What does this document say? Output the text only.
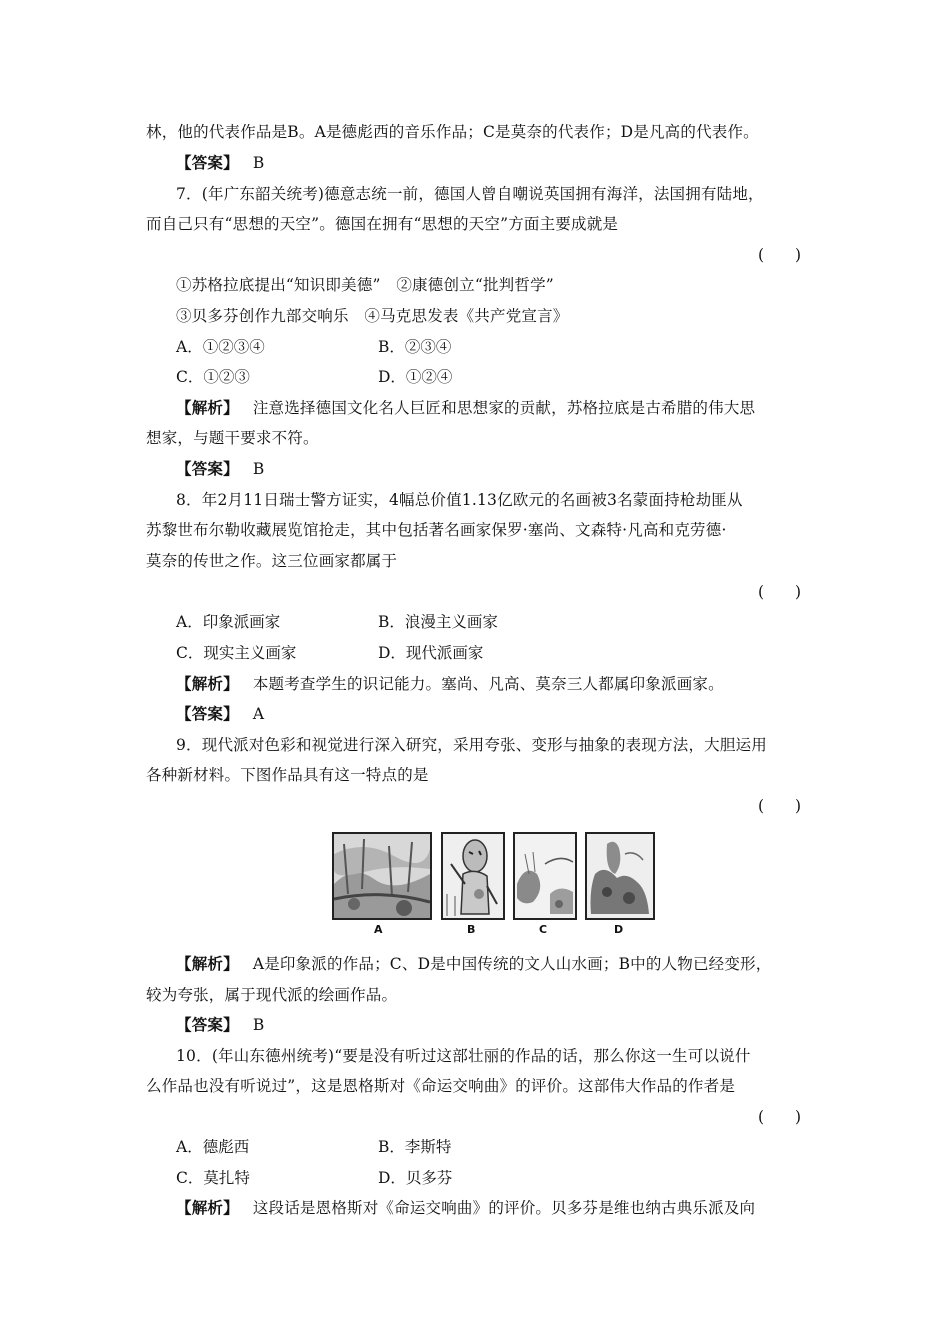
林，他的代表作品是B。A是德彪西的音乐作品；C是莫奈的代表作；D是凡高的代表作。
【答案】 B
7．(年广东韶关统考)德意志统一前，德国人曾自嘲说英国拥有海洋，法国拥有陆地，
而自己只有“思想的天空”。德国在拥有“思想的天空”方面主要成就是
(　　)
①苏格拉底提出“知识即美德”　②康德创立“批判哲学”
③贝多芬创作九部交响乐　④马克思发表《共产党宣言》
A．①②③④	B．②③④
C．①②③	D．①②④
【解析】 注意选择德国文化名人巨匠和思想家的贡献，苏格拉底是古希腊的伟大思
想家，与题干要求不符。
【答案】 B
8．年2月11日瑞士警方证实，4幅总价值1.13亿欧元的名画被3名蒙面持枪劫匪从
苏黎世布尔勒收藏展览馆抢走，其中包括著名画家保罗·塞尚、文森特·凡高和克劳德·
莫奈的传世之作。这三位画家都属于
(　　)
A．印象派画家	B．浪漫主义画家
C．现实主义画家	D．现代派画家
【解析】 本题考查学生的识记能力。塞尚、凡高、莫奈三人都属印象派画家。
【答案】 A
9．现代派对色彩和视觉进行深入研究，采用夸张、变形与抽象的表现方法，大胆运用
各种新材料。下图作品具有这一特点的是
(　　)
A	B	C	D
【解析】 A是印象派的作品；C、D是中国传统的文人山水画；B中的人物已经变形，
较为夸张，属于现代派的绘画作品。
【答案】 B
10．(年山东德州统考)“要是没有听过这部壮丽的作品的话，那么你这一生可以说什
么作品也没有听说过”，这是恩格斯对《命运交响曲》的评价。这部伟大作品的作者是
(　　)
A．德彪西	B．李斯特
C．莫扎特	D．贝多芬
【解析】 这段话是恩格斯对《命运交响曲》的评价。贝多芬是维也纳古典乐派及向
